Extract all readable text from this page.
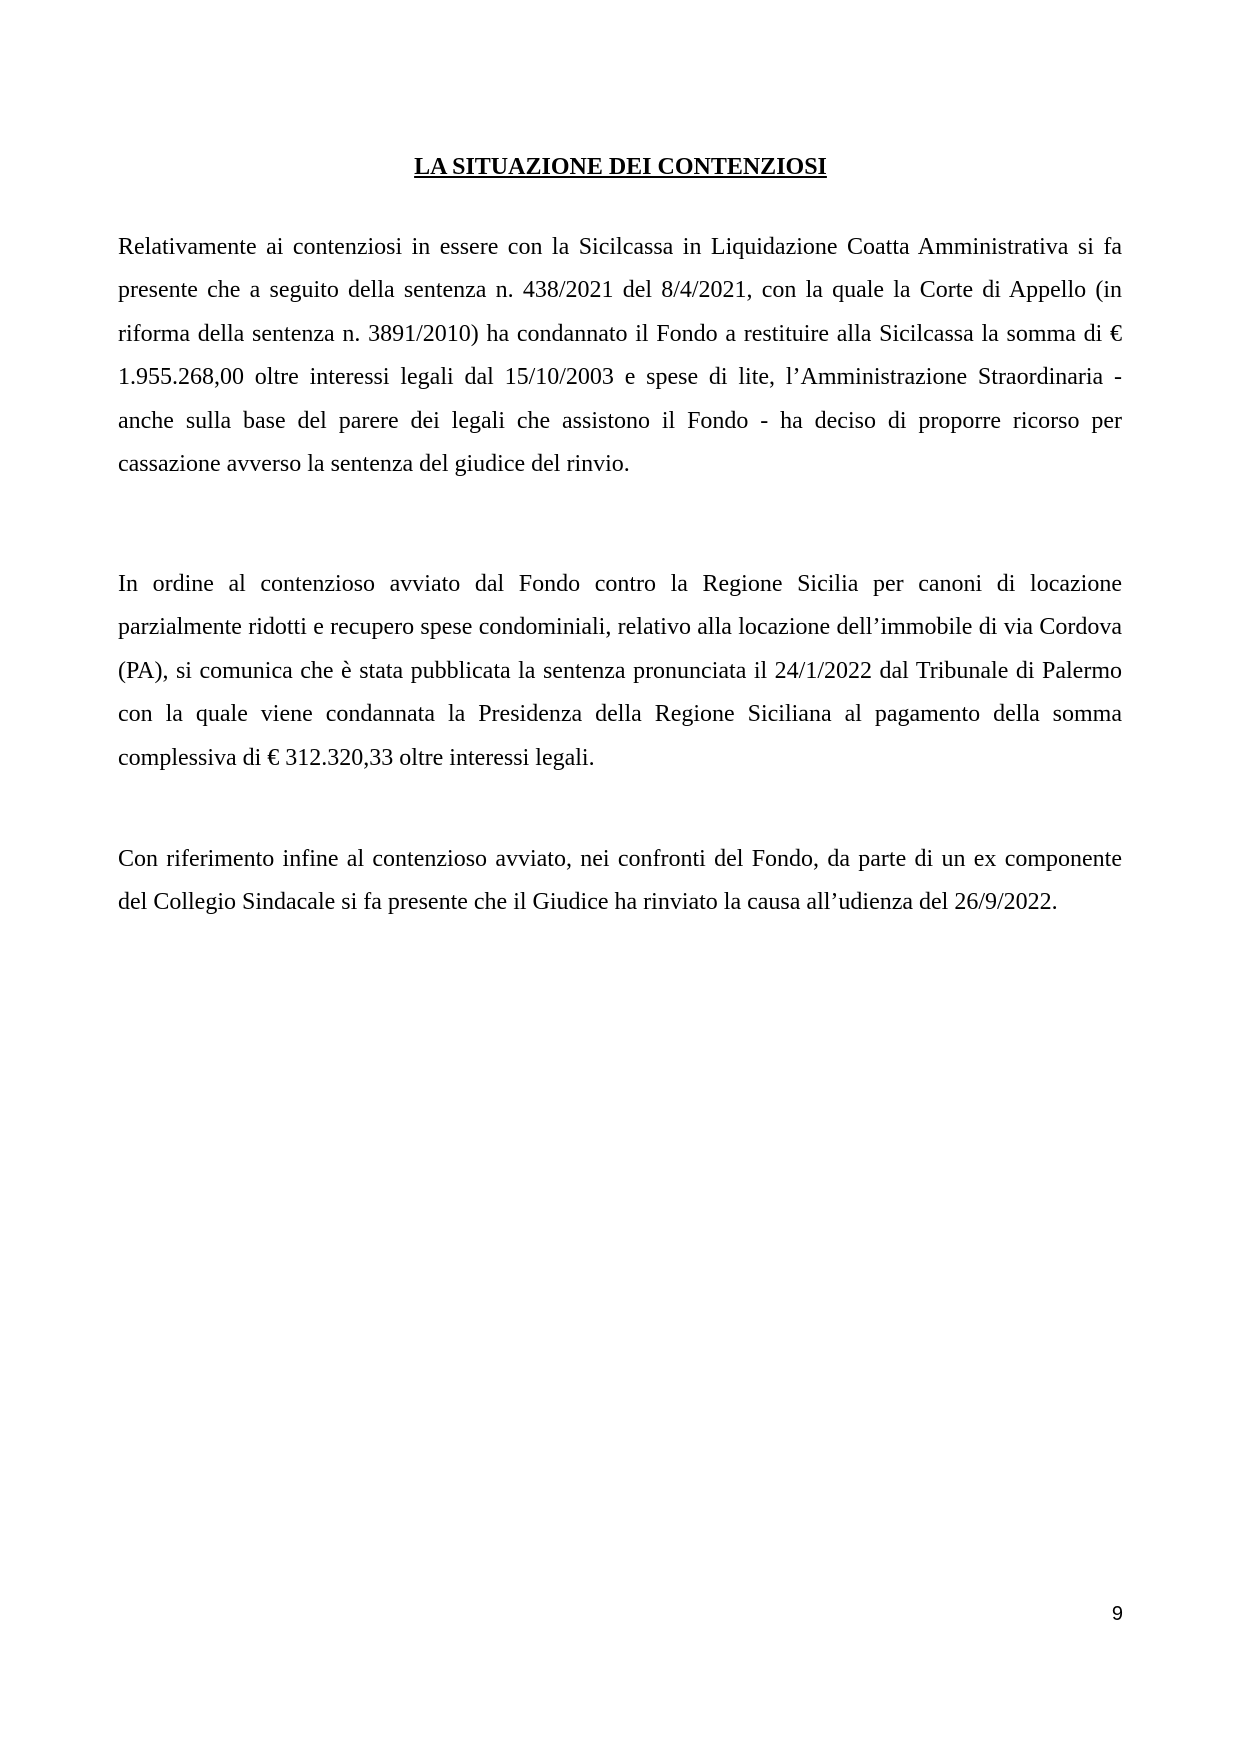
LA SITUAZIONE DEI CONTENZIOSI

Relativamente ai contenziosi in essere con la Sicilcassa in Liquidazione Coatta Amministrativa si fa presente che a seguito della sentenza n. 438/2021 del 8/4/2021, con la quale la Corte di Appello (in riforma della sentenza n. 3891/2010) ha condannato il Fondo a restituire alla Sicilcassa la somma di € 1.955.268,00 oltre interessi legali dal 15/10/2003 e spese di lite, l’Amministrazione Straordinaria - anche sulla base del parere dei legali che assistono il Fondo - ha deciso di proporre ricorso per cassazione avverso la sentenza del giudice del rinvio.

In ordine al contenzioso avviato dal Fondo contro la Regione Sicilia per canoni di locazione parzialmente ridotti e recupero spese condominiali, relativo alla locazione dell’immobile di via Cordova (PA), si comunica che è stata pubblicata la sentenza pronunciata il 24/1/2022 dal Tribunale di Palermo con la quale viene condannata la Presidenza della Regione Siciliana al pagamento della somma complessiva di € 312.320,33 oltre interessi legali.

Con riferimento infine al contenzioso avviato, nei confronti del Fondo, da parte di un ex componente del Collegio Sindacale si fa presente che il Giudice ha rinviato la causa all’udienza del 26/9/2022.

9
